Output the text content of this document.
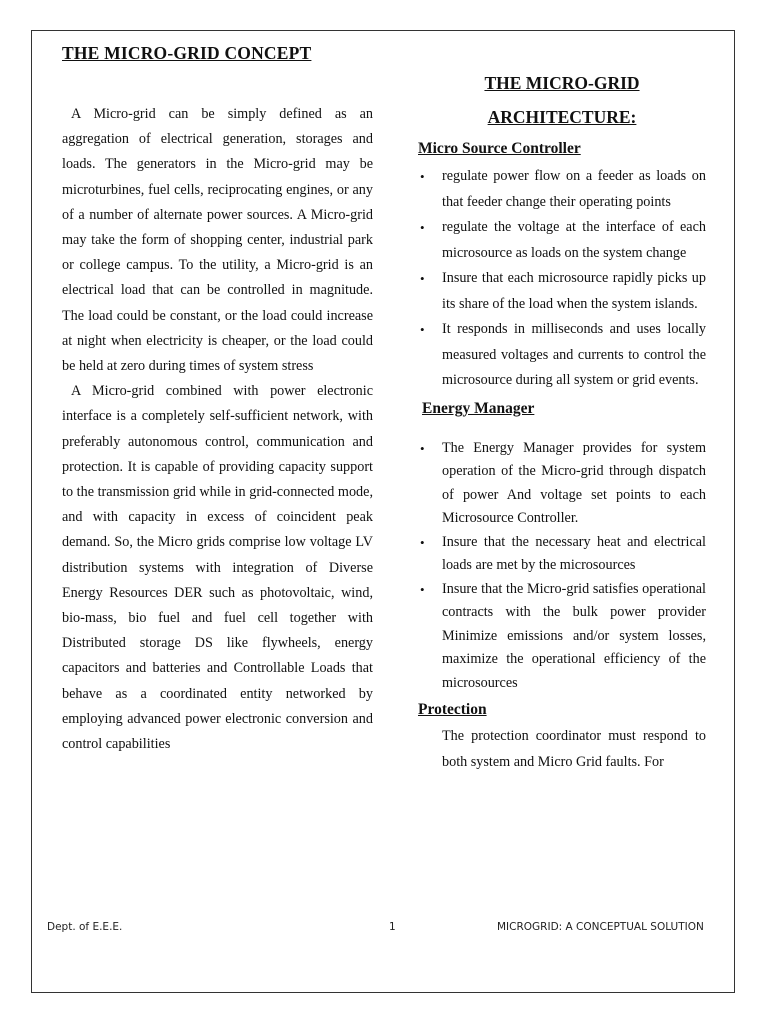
THE MICRO-GRID CONCEPT

A Micro-grid can be simply defined as an aggregation of electrical generation, storages and loads. The generators in the Micro-grid may be microturbines, fuel cells, reciprocating engines, or any of a number of alternate power sources. A Micro-grid may take the form of shopping center, industrial park or college campus. To the utility, a Micro-grid is an electrical load that can be controlled in magnitude. The load could be constant, or the load could increase at night when electricity is cheaper, or the load could be held at zero during times of system stress

A Micro-grid combined with power electronic interface is a completely self-sufficient network, with preferably autonomous control, communication and protection. It is capable of providing capacity support to the transmission grid while in grid-connected mode, and with capacity in excess of coincident peak demand. So, the Micro grids comprise low voltage LV distribution systems with integration of Diverse Energy Resources DER such as photovoltaic, wind, bio-mass, bio fuel and fuel cell together with Distributed storage DS like flywheels, energy capacitors and batteries and Controllable Loads that behave as a coordinated entity networked by employing advanced power electronic conversion and control capabilities

THE MICRO-GRID
ARCHITECTURE:
Micro Source Controller
• regulate power flow on a feeder as loads on that feeder change their operating points
• regulate the voltage at the interface of each microsource as loads on the system change
• Insure that each microsource rapidly picks up its share of the load when the system islands.
• It responds in milliseconds and uses locally measured voltages and currents to control the microsource during all system or grid events.
Energy Manager
• The Energy Manager provides for system operation of the Micro-grid through dispatch of power And voltage set points to each Microsource Controller.
• Insure that the necessary heat and electrical loads are met by the microsources
• Insure that the Micro-grid satisfies operational contracts with the bulk power provider Minimize emissions and/or system losses, maximize the operational efficiency of the microsources
Protection

The protection coordinator must respond to both system and Micro Grid faults. For

Dept. of E.E.E.	1	MICROGRID: A CONCEPTUAL SOLUTION
